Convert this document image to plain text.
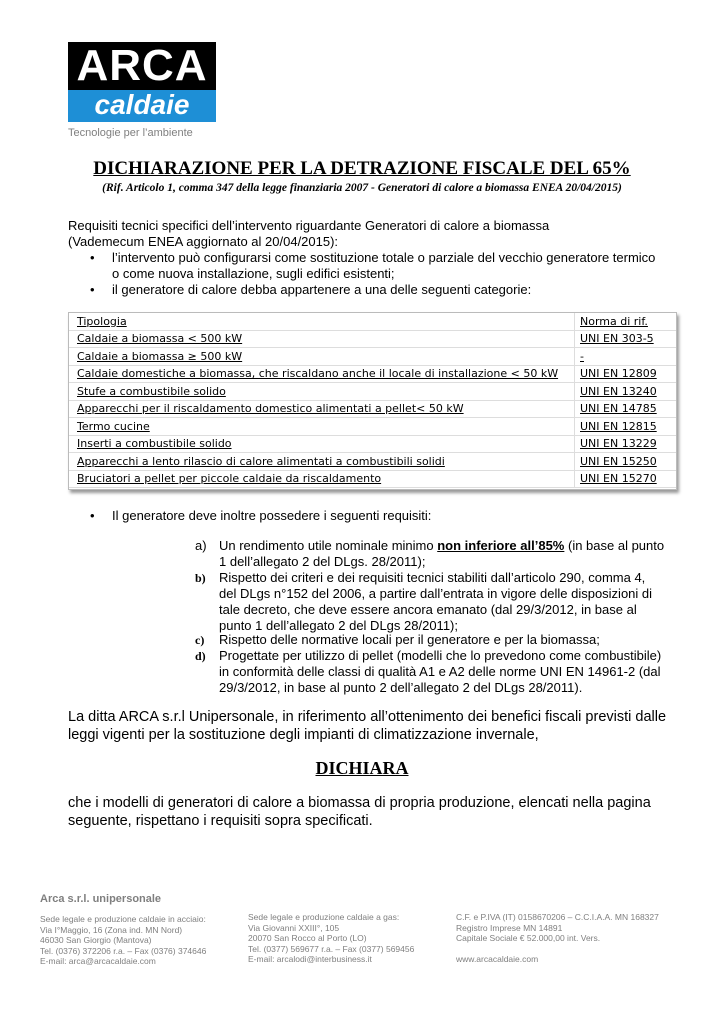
ARCA
caldaie
Tecnologie per l’ambiente
DICHIARAZIONE PER LA DETRAZIONE FISCALE DEL 65%
(Rif. Articolo 1, comma 347 della legge finanziaria 2007 - Generatori di calore a biomassa ENEA 20/04/2015)
Requisiti tecnici specifici dell’intervento riguardante Generatori di calore a biomassa
(Vademecum ENEA aggiornato al 20/04/2015):
• l’intervento può configurarsi come sostituzione totale o parziale del vecchio generatore termico
o come nuova installazione, sugli edifici esistenti;
• il generatore di calore debba appartenere a una delle seguenti categorie:
Tipologia	Norma di rif.
Caldaie a biomassa < 500 kW	UNI EN 303-5
Caldaie a biomassa ≥ 500 kW	-
Caldaie domestiche a biomassa, che riscaldano anche il locale di installazione < 50 kW	UNI EN 12809
Stufe a combustibile solido	UNI EN 13240
Apparecchi per il riscaldamento domestico alimentati a pellet< 50 kW	UNI EN 14785
Termo cucine	UNI EN 12815
Inserti a combustibile solido	UNI EN 13229
Apparecchi a lento rilascio di calore alimentati a combustibili solidi	UNI EN 15250
Bruciatori a pellet per piccole caldaie da riscaldamento	UNI EN 15270
• Il generatore deve inoltre possedere i seguenti requisiti:
a) Un rendimento utile nominale minimo non inferiore all’85% (in base al punto
1 dell’allegato 2 del DLgs. 28/2011);
b) Rispetto dei criteri e dei requisiti tecnici stabiliti dall’articolo 290, comma 4,
del DLgs n°152 del 2006, a partire dall’entrata in vigore delle disposizioni di
tale decreto, che deve essere ancora emanato (dal 29/3/2012, in base al
punto 1 dell’allegato 2 del DLgs 28/2011);
c) Rispetto delle normative locali per il generatore e per la biomassa;
d) Progettate per utilizzo di pellet (modelli che lo prevedono come combustibile)
in conformità delle classi di qualità A1 e A2 delle norme UNI EN 14961-2 (dal
29/3/2012, in base al punto 2 dell’allegato 2 del DLgs 28/2011).
La ditta ARCA s.r.l Unipersonale, in riferimento all’ottenimento dei benefici fiscali previsti dalle
leggi vigenti per la sostituzione degli impianti di climatizzazione invernale,
DICHIARA
che i modelli di generatori di calore a biomassa di propria produzione, elencati nella pagina
seguente, rispettano i requisiti sopra specificati.
Arca s.r.l. unipersonale
Sede legale e produzione caldaie in acciaio:
Via I°Maggio, 16 (Zona ind. MN Nord)
46030 San Giorgio (Mantova)
Tel. (0376) 372206 r.a. – Fax (0376) 374646
E-mail: arca@arcacaldaie.com
Sede legale e produzione caldaie a gas:
Via Giovanni XXIII°, 105
20070 San Rocco al Porto (LO)
Tel. (0377) 569677 r.a. – Fax (0377) 569456
E-mail: arcalodi@interbusiness.it
C.F. e P.IVA (IT) 0158670206 – C.C.I.A.A. MN 168327
Registro Imprese MN 14891
Capitale Sociale € 52.000,00 int. Vers.
www.arcacaldaie.com
